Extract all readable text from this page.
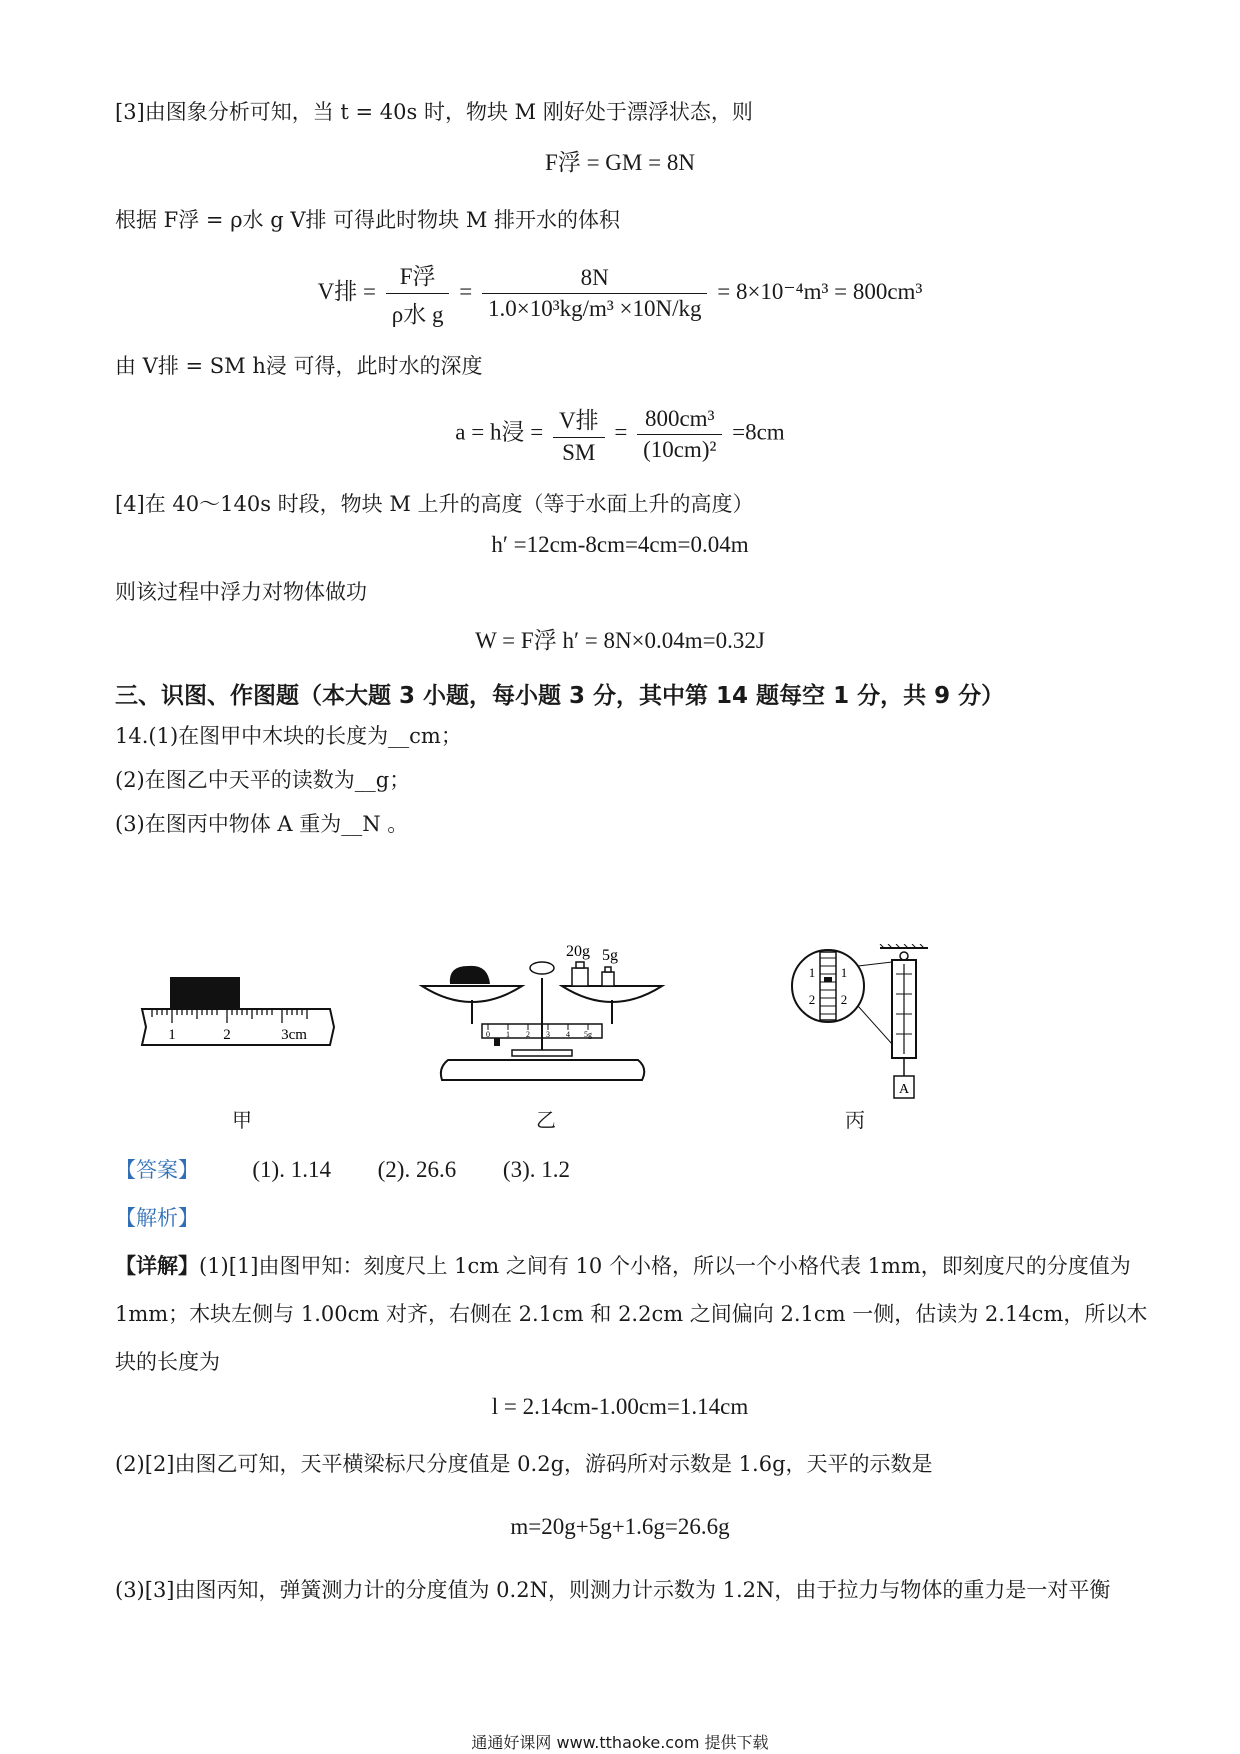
[3]由图象分析可知，当 t = 40s 时，物块 M 刚好处于漂浮状态，则
F浮 = GM = 8N
根据 F浮 = ρ水 g V排 可得此时物块 M 排开水的体积
V排 = $\frac{\text{F浮}}{\text{ρ水 g}} = \frac{8N}{\text{1.0×10³kg/m³ ×10N/kg}} = 8\times 10^{-4}m^3 = 800cm^3$
由 V排 = SM h浸 可得，此时水的深度
a = h浸 = $\frac{\text{V排}}{SM} = \frac{\text{800cm³}}{\text{(10cm)²}} =8cm$
[4]在 40～140s 时段，物块 M 上升的高度（等于水面上升的高度）
h′ =12cm-8cm=4cm=0.04m
则该过程中浮力对物体做功
W = F浮 h′ = 8N×0.04m=0.32J
三、识图、作图题（本大题 3 小题，每小题 3 分，其中第 14 题每空 1 分，共 9 分）
14.(1)在图甲中木块的长度为__cm；
(2)在图乙中天平的读数为__g；
(3)在图丙中物体 A 重为__N 。
1	2	3cm
甲
0 1 2 3 4 5g
20g 5g
乙
A
1
2
1
2
丙
【答案】 (1). 1.14 (2). 26.6 (3). 1.2
【解析】
【详解】(1)[1]由图甲知：刻度尺上 1cm 之间有 10 个小格，所以一个小格代表 1mm，即刻度尺的分度值为
1mm；木块左侧与 1.00cm 对齐，右侧在 2.1cm 和 2.2cm 之间偏向 2.1cm 一侧，估读为 2.14cm，所以木
块的长度为
l = 2.14cm-1.00cm=1.14cm
(2)[2]由图乙可知，天平横梁标尺分度值是 0.2g，游码所对示数是 1.6g，天平的示数是
m=20g+5g+1.6g=26.6g
(3)[3]由图丙知，弹簧测力计的分度值为 0.2N，则测力计示数为 1.2N，由于拉力与物体的重力是一对平衡
通通好课网 www.tthaoke.com 提供下载
